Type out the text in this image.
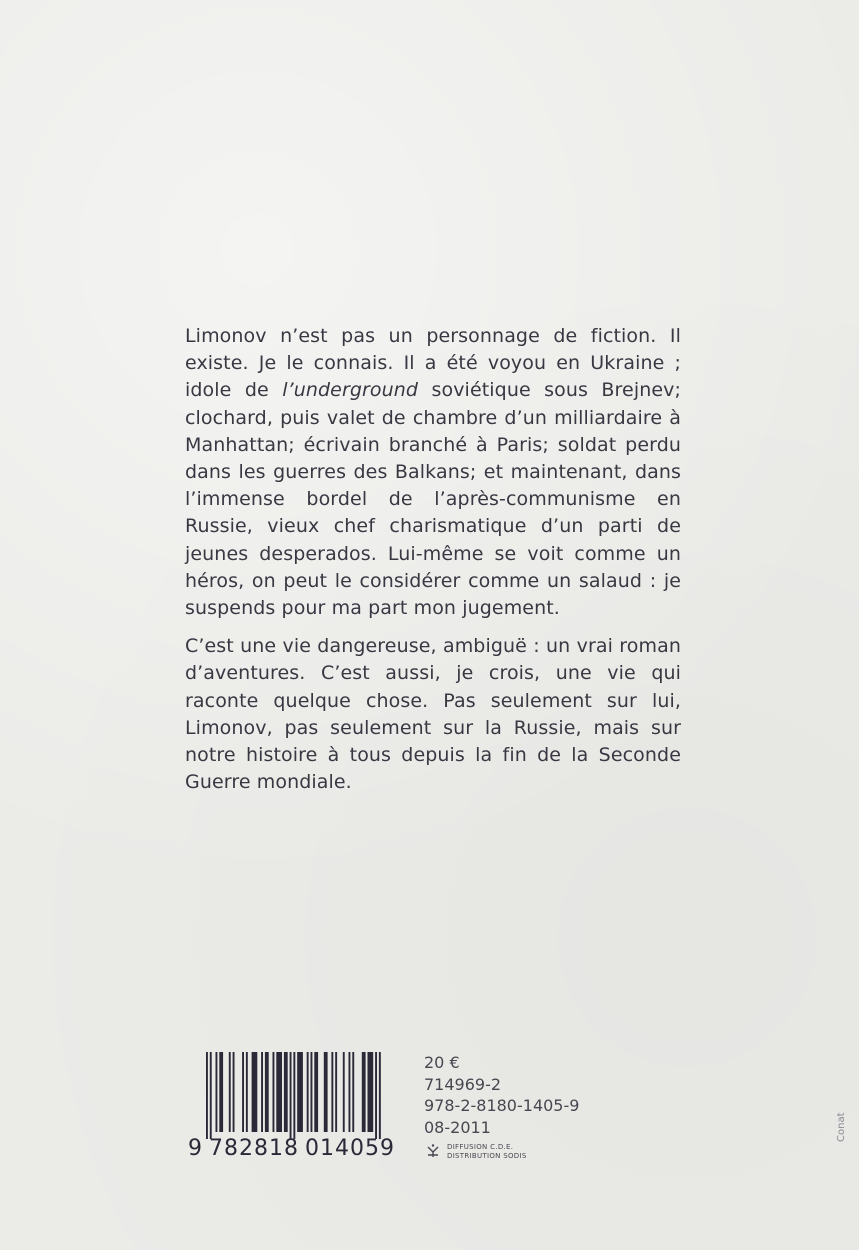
Limonov n’est pas un personnage de fiction. Il existe. Je le connais. Il a été voyou en Ukraine ; idole de l’underground soviétique sous Brejnev; clochard, puis valet de chambre d’un milliardaire à Manhattan; écrivain branché à Paris; soldat perdu dans les guerres des Balkans; et maintenant, dans l’immense bordel de l’après-communisme en Russie, vieux chef charismatique d’un parti de jeunes desperados. Lui-même se voit comme un héros, on peut le considérer comme un salaud : je suspends pour ma part mon jugement.

C’est une vie dangereuse, ambiguë : un vrai roman d’aventures. C’est aussi, je crois, une vie qui raconte quelque chose. Pas seulement sur lui, Limonov, pas seulement sur la Russie, mais sur notre histoire à tous depuis la fin de la Seconde Guerre mondiale.

9 782818 014059
20 €
714969-2
978-2-8180-1405-9
08-2011
DIFFUSION C.D.E.
DISTRIBUTION SODIS
Conat
